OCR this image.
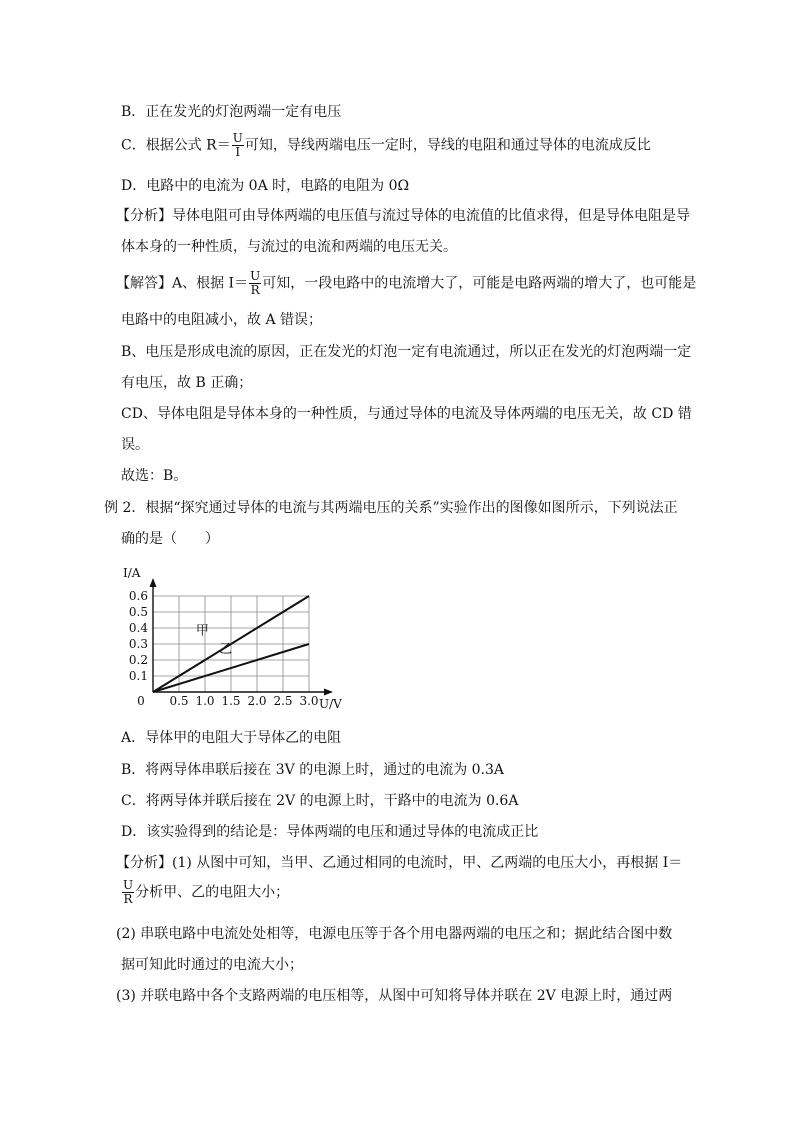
B．正在发光的灯泡两端一定有电压
C．根据公式 $R= \frac{U}{I}$ 可知，导线两端电压一定时，导线的电阻和通过导体的电流成反比
D．电路中的电流为 0A 时，电路的电阻为 0Ω
【分析】导体电阻可由导体两端的电压值与流过导体的电流值的比值求得，但是导体电阻是导
体本身的一种性质，与流过的电流和两端的电压无关。
【解答】A、根据 $I= \frac{U}{R}$ 可知，一段电路中的电流增大了，可能是电路两端的增大了，也可能是
电路中的电阻减小，故 A 错误；
B、电压是形成电流的原因，正在发光的灯泡一定有电流通过，所以正在发光的灯泡两端一定
有电压，故 B 正确；
CD、导体电阻是导体本身的一种性质，与通过导体的电流及导体两端的电压无关，故 CD 错
误。
故选：B。
例 2．根据“探究通过导体的电流与其两端电压的关系”实验作出的图像如图所示，下列说法正
确的是（　　）
0.5 1.0 1.5 2.0 2.5 3.0
0.1
0.2
0.3
0.4
0.5
0.6
0	U/V
I/A
甲
乙
A．导体甲的电阻大于导体乙的电阻
B．将两导体串联后接在 3V 的电源上时，通过的电流为 0.3A
C．将两导体并联后接在 2V 的电源上时，干路中的电流为 0.6A
D．该实验得到的结论是：导体两端的电压和通过导体的电流成正比
【分析】(1) 从图中可知，当甲、乙通过相同的电流时，甲、乙两端的电压大小，再根据 I＝
$\frac{U}{R}$ 分析甲、乙的电阻大小；
(2) 串联电路中电流处处相等，电源电压等于各个用电器两端的电压之和；据此结合图中数
据可知此时通过的电流大小；
(3) 并联电路中各个支路两端的电压相等，从图中可知将导体并联在 2V 电源上时，通过两
